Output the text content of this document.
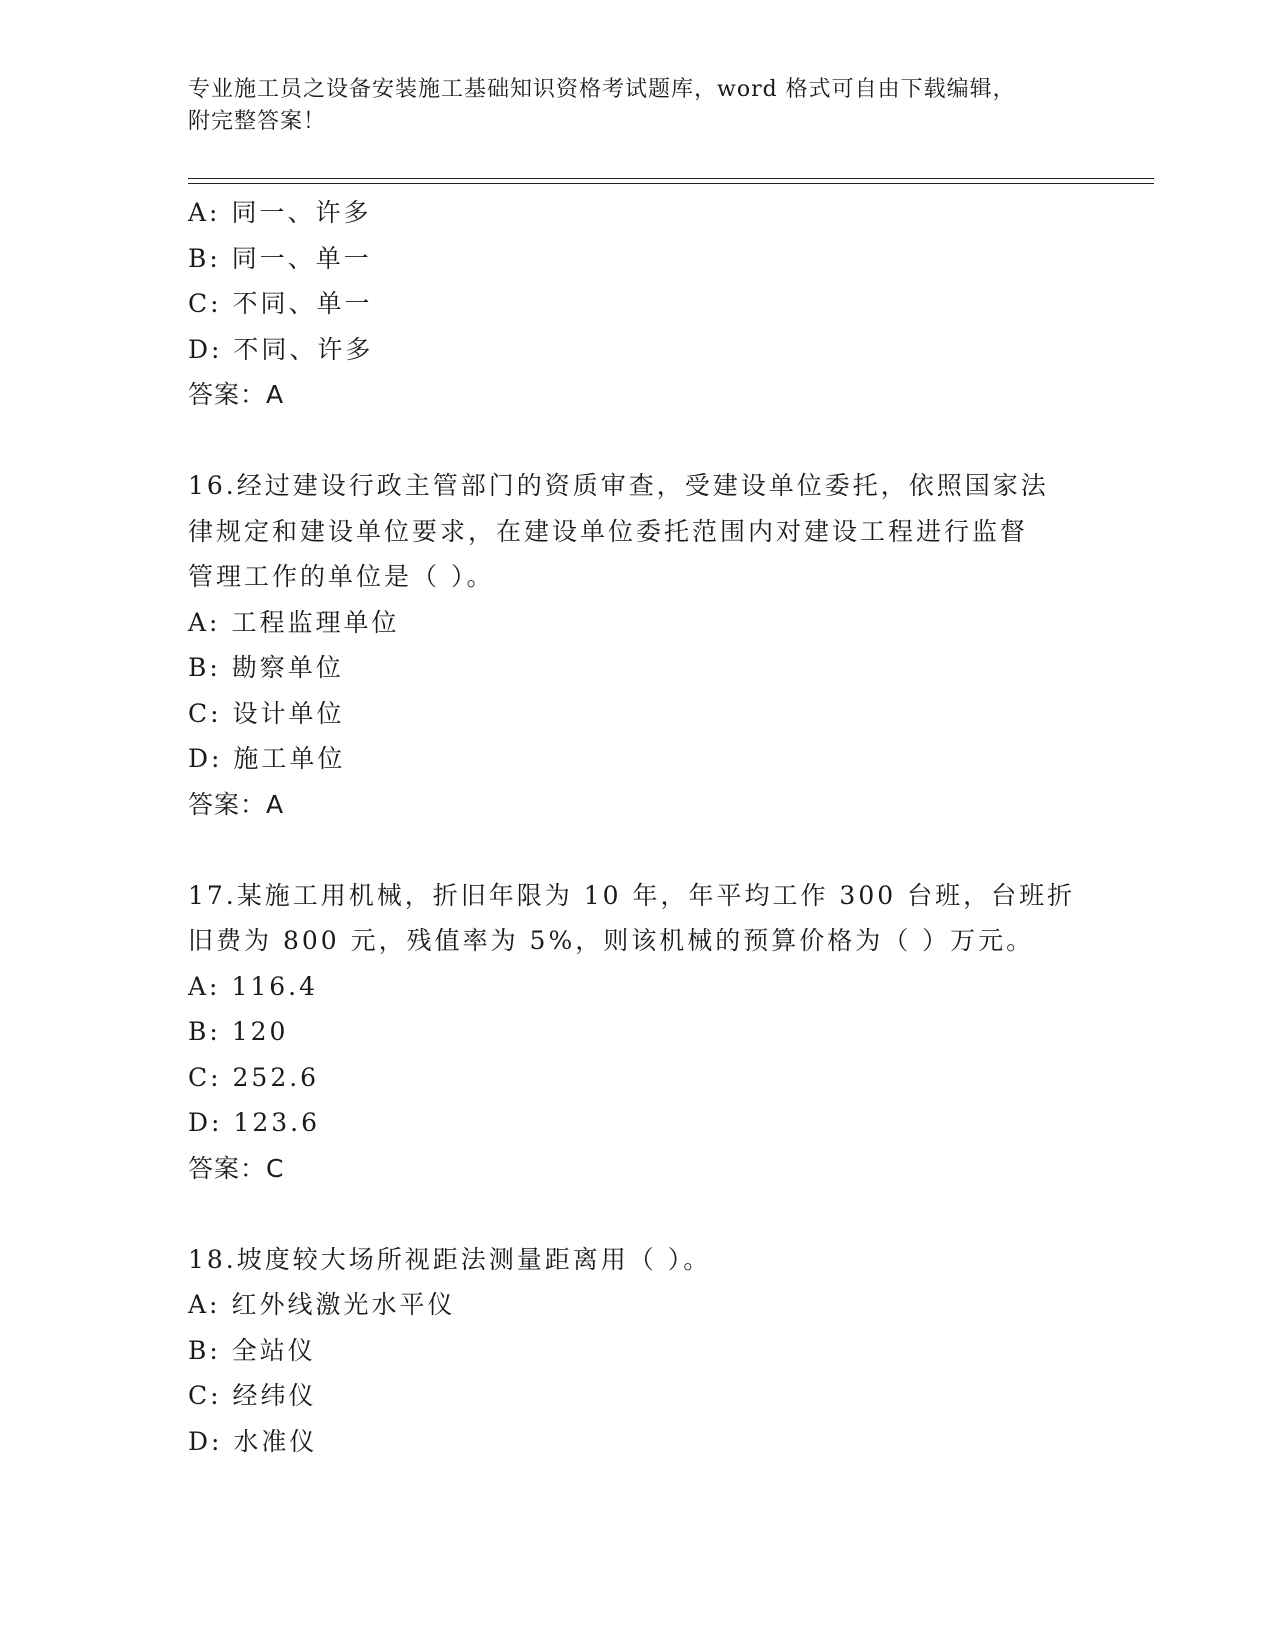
专业施工员之设备安装施工基础知识资格考试题库，word 格式可自由下载编辑，
附完整答案！
A: 同一、许多
B: 同一、单一
C: 不同、单一
D: 不同、许多
答案：A
16.经过建设行政主管部门的资质审查，受建设单位委托，依照国家法
律规定和建设单位要求，在建设单位委托范围内对建设工程进行监督
管理工作的单位是（ ）。
A: 工程监理单位
B: 勘察单位
C: 设计单位
D: 施工单位
答案：A
17.某施工用机械，折旧年限为 10 年，年平均工作 300 台班，台班折
旧费为 800 元，残值率为 5%，则该机械的预算价格为（ ）万元。
A: 116.4
B: 120
C: 252.6
D: 123.6
答案：C
18.坡度较大场所视距法测量距离用（ ）。
A: 红外线激光水平仪
B: 全站仪
C: 经纬仪
D: 水准仪
